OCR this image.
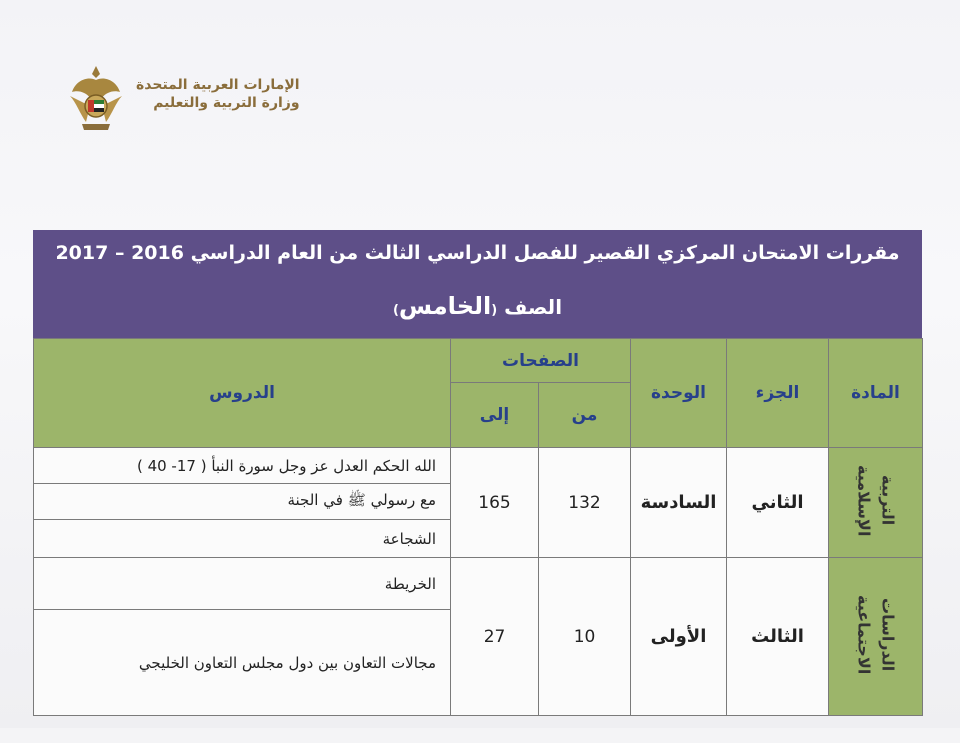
الإمارات العربية المتحدة
وزارة التربية والتعليم
مقررات الامتحان المركزي القصير للفصل الدراسي الثالث من العام الدراسي 2016 – 2017
الصف (الخامس)
المادة	الجزء	الوحدة	الصفحات		الدروس
			من	إلى	
التربية الإسلامية	الثاني	السادسة	132	165	الله الحكم العدل عز وجل سورة النبأ ( 17- 40 )
					مع رسولي ﷺ في الجنة
					الشجاعة
الدراسات الاجتماعية	الثالث	الأولى	10	27	الخريطة
					مجالات التعاون بين دول مجلس التعاون الخليجي
